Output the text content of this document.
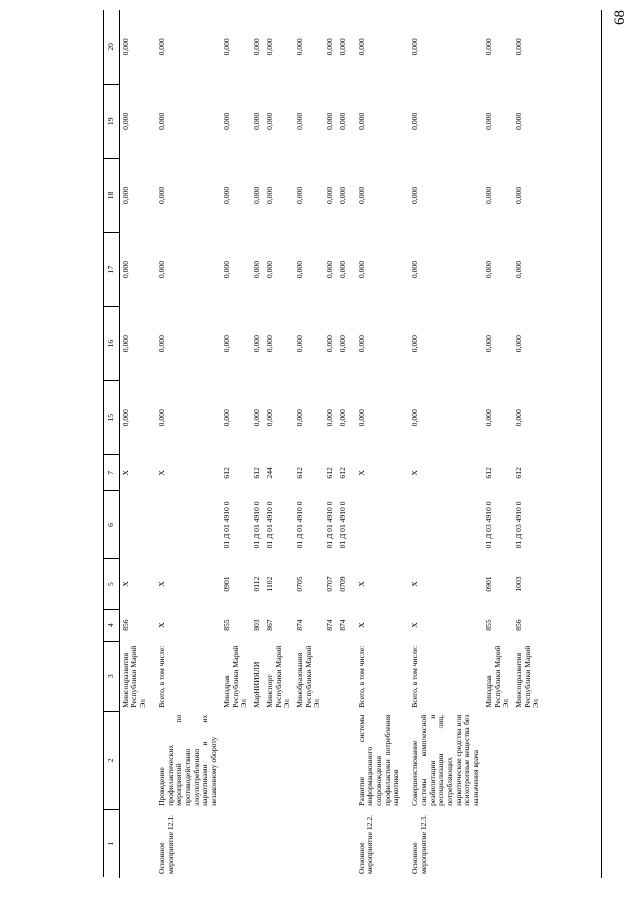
68
1	2	3	4	5	6	7	15	16	17	18	19	20
		Минсоцразвития Республики Марий Эл	856	Х		Х	0,000	0,000	0,000	0,000	0,000	0,000
Основное мероприятие 12.1.	Проведение профилактических мероприятий по противодействию злоупотреблению наркотиками и их незаконному обороту	Всего, в том числе:	Х	Х		Х	0,000	0,000	0,000	0,000	0,000	0,000
		Минздрав Республики Марий Эл	855	0901	01 Д 01 4910 0	612	0,000	0,000	0,000	0,000	0,000	0,000
		МарНИИЯЛИ	803	0112	01 Д 01 4910 0	612	0,000	0,000	0,000	0,000	0,000	0,000
		Минспорт Республики Марий Эл	867	1102	01 Д 01 4910 0	244	0,000	0,000	0,000	0,000	0,000	0,000
		Минобразования Республики Марий Эл	874	0705	01 Д 01 4910 0	612	0,000	0,000	0,000	0,000	0,000	0,000
			874	0707	01 Д 01 4910 0	612	0,000	0,000	0,000	0,000	0,000	0,000
			874	0709	01 Д 01 4910 0	612	0,000	0,000	0,000	0,000	0,000	0,000
Основное мероприятие 12.2.	Развитие системы информационного сопровождения профилактики потребления наркотиков	Всего, в том числе:	Х	Х		Х	0,000	0,000	0,000	0,000	0,000	0,000
Основное мероприятие 12.3.	Совершенствование системы комплексной реабилитации и ресоциализации лиц, потребляющих наркотические средства или психотропные вещества без назначения врача	Всего, в том числе:	Х	Х		Х	0,000	0,000	0,000	0,000	0,000	0,000
		Минздрав Республики Марий Эл	855	0901	01 Д 03 4910 0	612	0,000	0,000	0,000	0,000	0,000	0,000
		Минсоцразвития Республики Марий Эл	856	1003	01 Д 03 4910 0	612	0,000	0,000	0,000	0,000	0,000	0,000
